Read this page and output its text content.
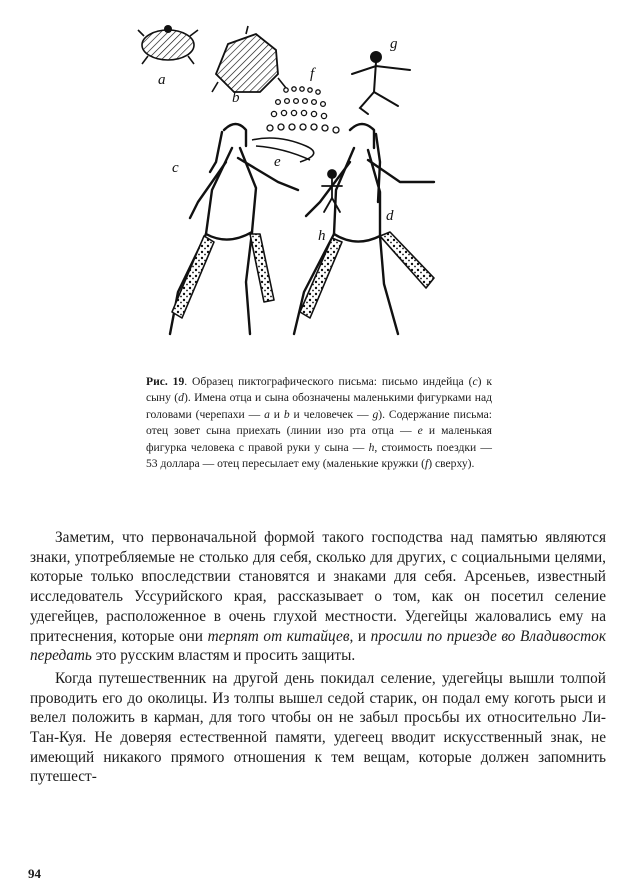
a
b
f
g
c	e
d
h
Рис. 19. Образец пиктографического письма: письмо индейца (c) к сыну (d). Имена отца и сына обозначены маленькими фигурками над головами (черепахи — a и b и человечек — g). Содержание письма: отец зовет сына приехать (линии изо рта отца — e и маленькая фигурка человека с правой руки у сына — h, стоимость поездки — 53 доллара — отец пересылает ему (маленькие кружки (f) сверху).

Заметим, что первоначальной формой такого господства над памятью являются знаки, употребляемые не столько для себя, сколько для других, с социальными целями, которые только впоследствии становятся и знаками для себя. Арсеньев, известный исследователь Уссурийского края, рассказывает о том, как он посетил селение удегейцев, расположенное в очень глухой местности. Удегейцы жаловались ему на притеснения, которые они терпят от китайцев, и просили по приезде во Владивосток передать это русским властям и просить защиты.

Когда путешественник на другой день покидал селение, удегейцы вышли толпой проводить его до околицы. Из толпы вышел седой старик, он подал ему коготь рыси и велел положить в карман, для того чтобы он не забыл просьбы их относительно Ли-Тан-Куя. Не доверяя естественной памяти, удегеец вводит искусственный знак, не имеющий никакого прямого отношения к тем вещам, которые должен запомнить путешест-

94
